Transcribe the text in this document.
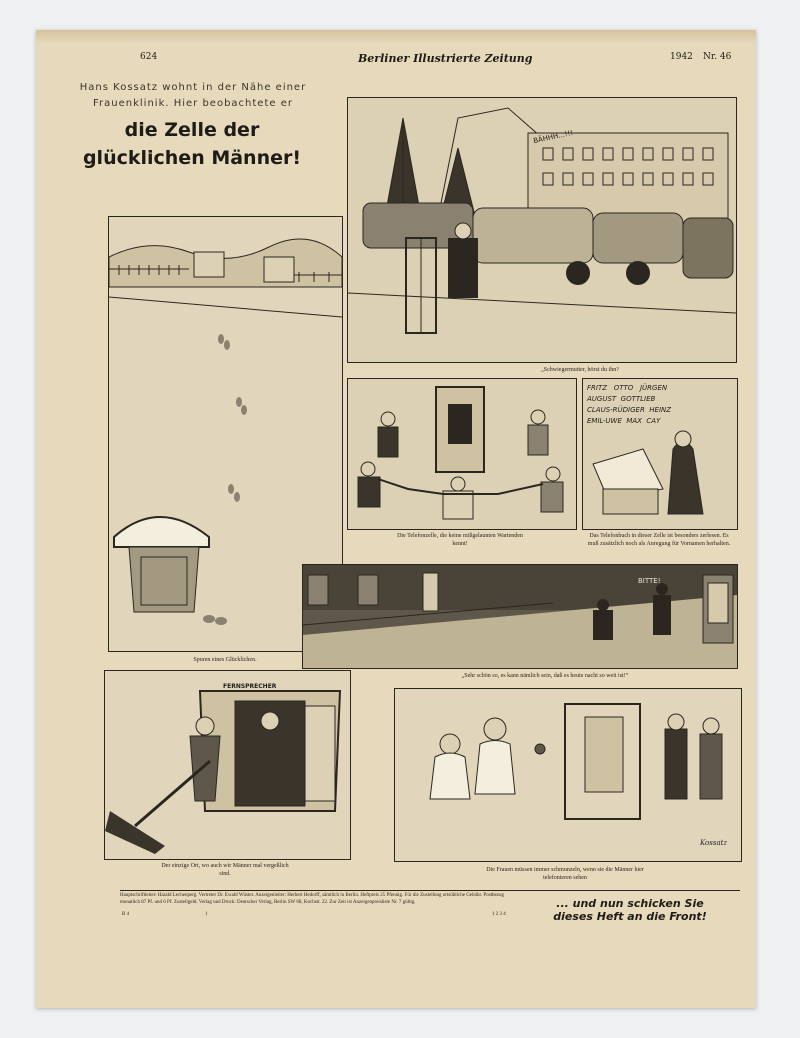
624	Berliner Illustrierte Zeitung	1942 Nr. 46
Hans Kossatz wohnt in der Nähe einer Frauenklinik. Hier beobachtete er
die Zelle der
glücklichen Männer!
BÄHHH...!!!
„Schwiegermutter, hörst du ihn?
Die Telefonzelle, die keine mißgelaunten Wartenden kennt!
FRITZ OTTO JÜRGEN
AUGUST GOTTLIEB
CLAUS-RÜDIGER HEINZ
EMIL-UWE MAX CAY
Das Telefonbuch in dieser Zelle ist besonders zerlesen. Es muß zusätzlich noch als Anregung für Vornamen herhalten.
Spuren eines Glücklichen.
BITTE!
„Sehr schön so, es kann nämlich sein, daß es heute nacht so weit ist!“
FERNSPRECHER
Der einzige Ort, wo auch wir Männer mal vergeßlich sind.
Kossatz
Die Frauen müssen immer schmunzeln, wenn sie die Männer hier telefonieren sehen
Hauptschriftleiter: Harald Lechenperg. Vertreter Dr. Ewald Wüster. Anzeigenleiter: Herbert Hedorff, sämtlich in Berlin. Heftpreis 25 Pfennig. Für die Zustellung ortsübliche Gebühr. Postbezug monatlich 87 Pf. und 6 Pf. Zustellgeld. Verlag und Druck: Deutscher Verlag, Berlin SW 68, Kochstr. 22. Zur Zeit ist Anzeigenpreisliste Nr. 7 gültig.
B 4	1	1 2 3 4
... und nun schicken Sie
dieses Heft an die Front!
